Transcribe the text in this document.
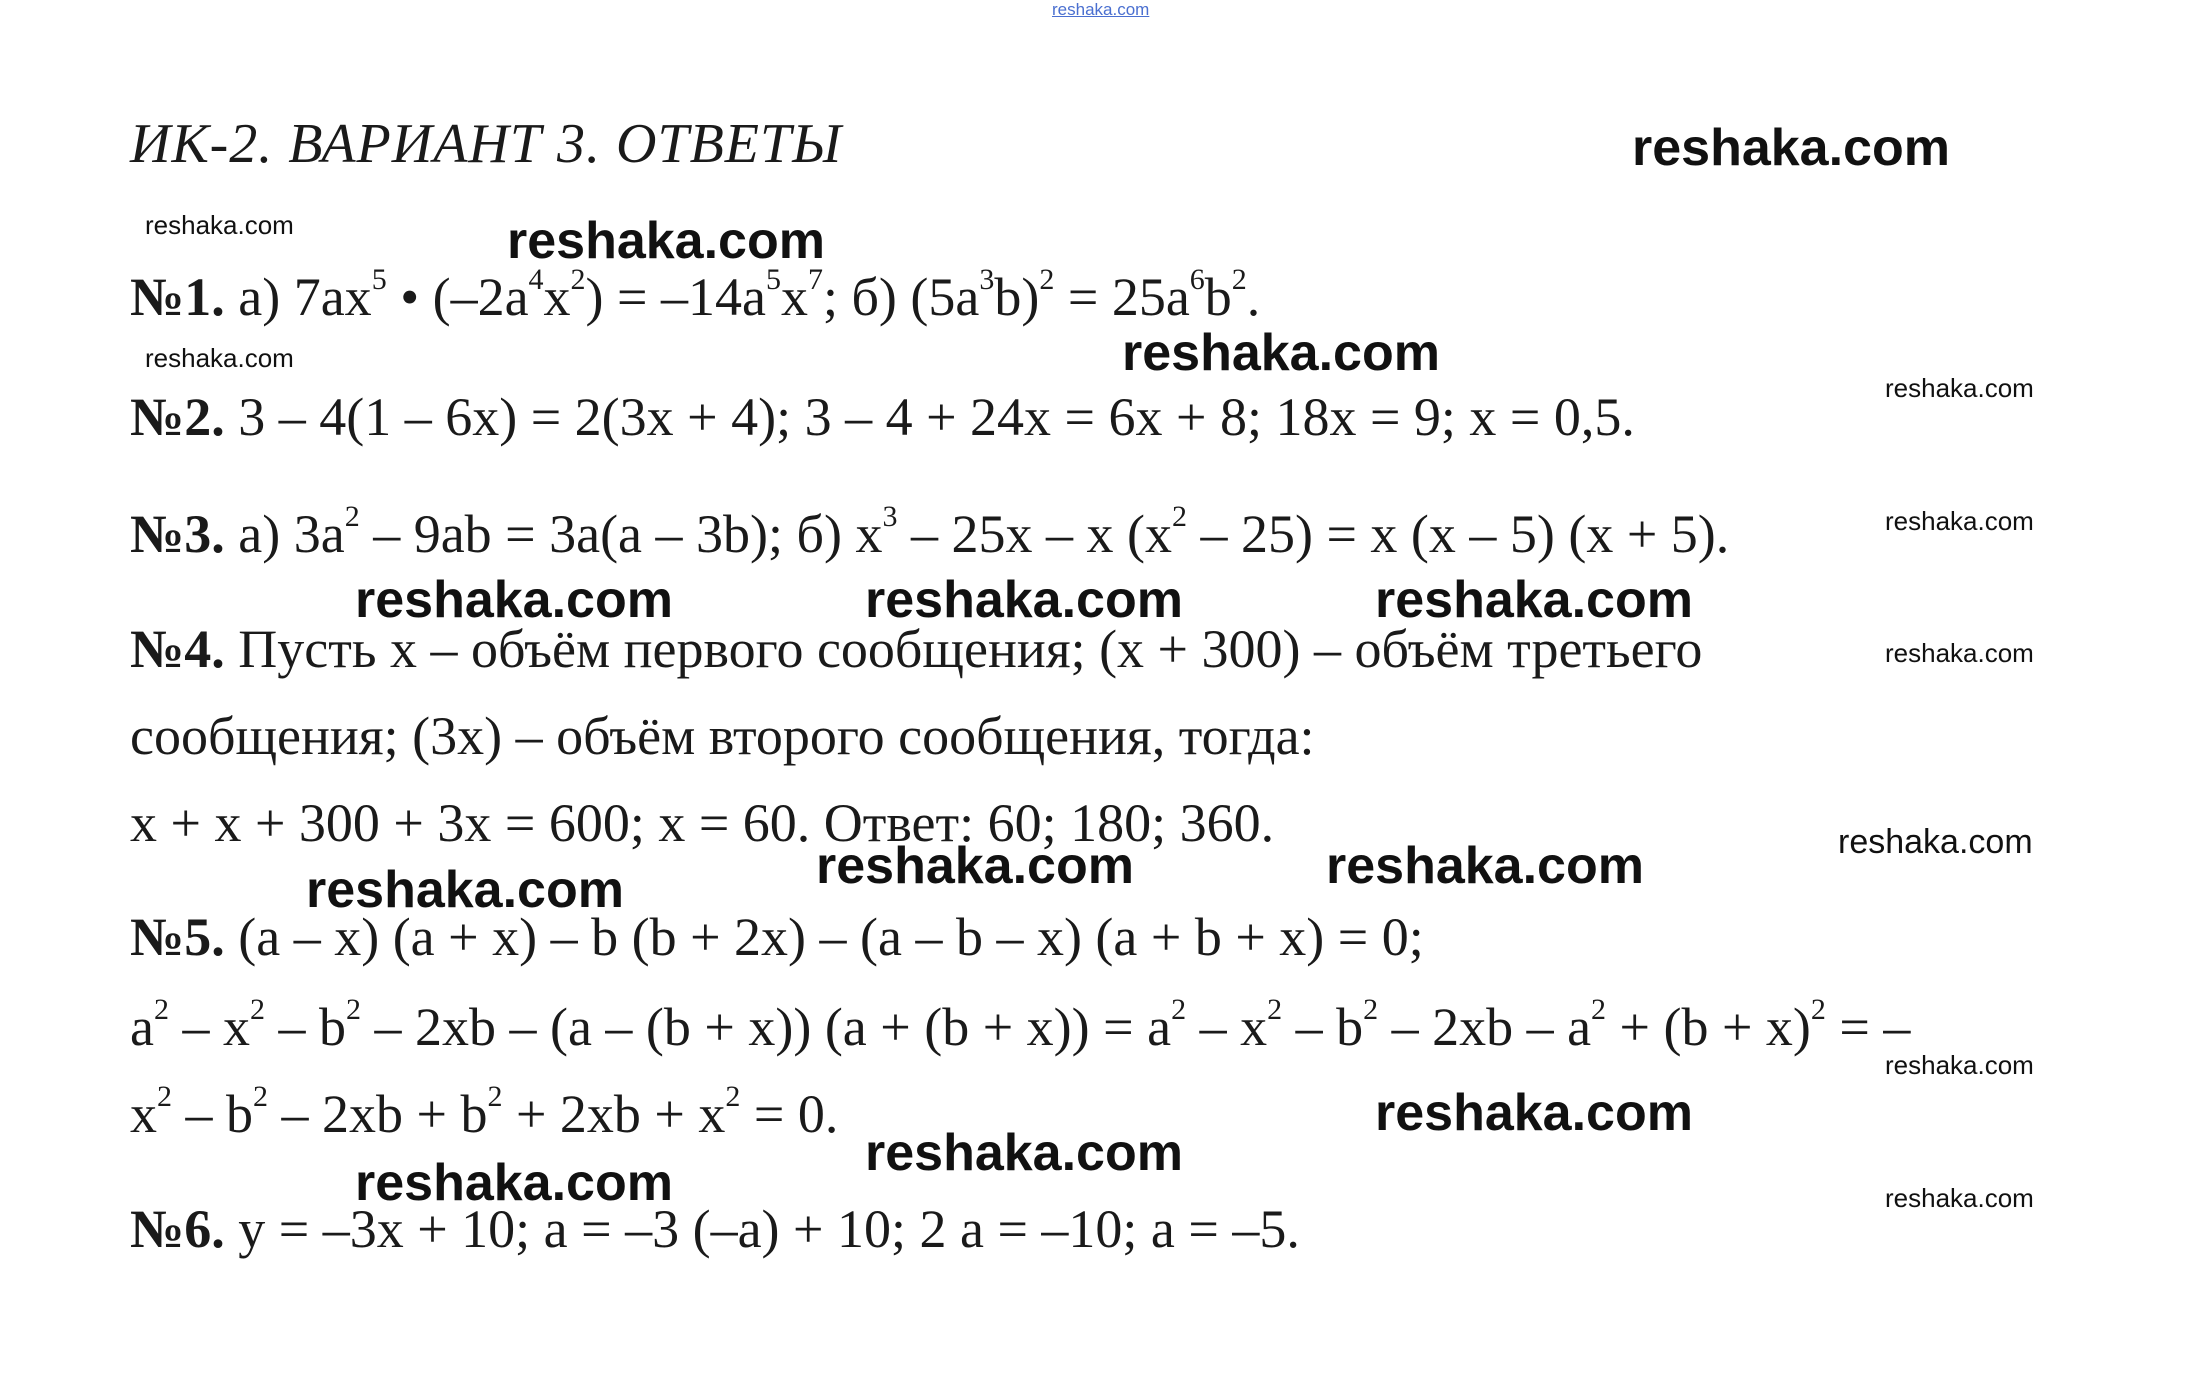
reshaka.com
ИК-2. ВАРИАНТ 3. ОТВЕТЫ	reshaka.com
reshaka.com	reshaka.com
reshaka.com	reshaka.com
reshaka.com
reshaka.com
reshaka.com	reshaka.com	reshaka.com
reshaka.com
reshaka.com
reshaka.com	reshaka.com
reshaka.com
reshaka.com
reshaka.com
reshaka.com
reshaka.com	reshaka.com
№1. а) $7ах^5$ • $(-2а^4х^2) = -14а^5х^7$; б) $(5а^3b)^2 = 25а^6b^2$.
№2. 3 – 4(1 – 6х) = 2(3х + 4); 3 – 4 + 24х = 6х + 8; 18х = 9; х = 0,5.
№3. а) $3а^2 - 9аb = 3а(а - 3b)$; б) $х^3 - 25х$ – х $(х^2 - 25) = х$ (х – 5) (х + 5).
№4. Пусть х – объём первого сообщения; (х + 300) – объём третьего
сообщения; (3х) – объём второго сообщения, тогда:
х + х + 300 + 3х = 600; х = 60. Ответ: 60; 180; 360.
№5. (а – х) (а + х) – b (b + 2х) – (а – b – х) (а + b + х) = 0;
$а^2 - х^2 - b^2 - 2хb - (а - (b + х)) (а + (b + х)) = а^2 - х^2 - b^2 - 2хb - а^2 + (b + х)^2$ = –
$х^2 - b^2 - 2хb + b^2 + 2хb + х^2 = 0$.
№6. у = –3х + 10; а = –3 (–а) + 10; 2 а = –10; а = –5.
